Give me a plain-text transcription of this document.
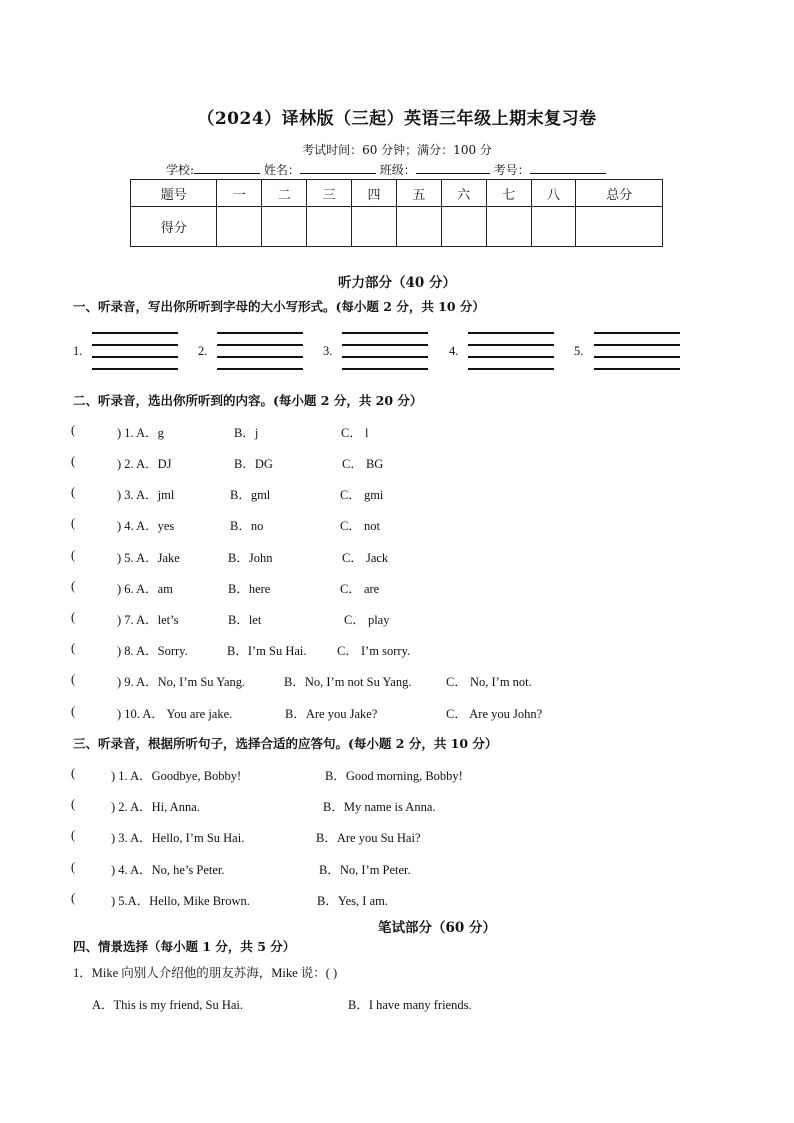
（2024）译林版（三起）英语三年级上期末复习卷
考试时间：60 分钟；满分：100 分
学校:	姓名：	班级：	考号：
题号	一	二	三	四	五	六	七	八	总分
得分									
听力部分（40 分）
一、听录音，写出你所听到字母的大小写形式。(每小题 2 分，共 10 分）
1.	2.	3.	4.	5.
二、听录音，选出你所听到的内容。(每小题 2 分，共 20 分）
(	) 1. A．g	B．j	C． l
(	) 2. A．DJ	B．DG	C． BG
(	) 3. A．jml	B．gml	C． gmi
(	) 4. A．yes	B．no	C． not
(	) 5. A．Jake	B．John	C． Jack
(	) 6. A．am	B．here	C． are
(	) 7. A．let’s	B．let	C． play
(	) 8. A．Sorry.	B．I’m Su Hai. C． I’m sorry.
(	) 9. A．No, I’m Su Yang.	B．No, I’m not Su Yang.	C． No, I’m not.
(	) 10. A． You are jake.	B．Are you Jake?	C． Are you John?
三、听录音，根据所听句子，选择合适的应答句。(每小题 2 分，共 10 分）
(	) 1. A．Goodbye, Bobby!	B．Good morning, Bobby!
(	) 2. A．Hi, Anna.	B．My name is Anna.
(	) 3. A．Hello, I’m Su Hai.	B．Are you Su Hai?
(	) 4. A．No, he’s Peter.	B．No, I’m Peter.
(	) 5.A．Hello, Mike Brown.	B．Yes, I am.
笔试部分（60 分）
四、情景选择（每小题 1 分，共 5 分）
1．Mike 向别人介绍他的朋友苏海，Mike 说：( )
A．This is my friend, Su Hai.	B．I have many friends.
